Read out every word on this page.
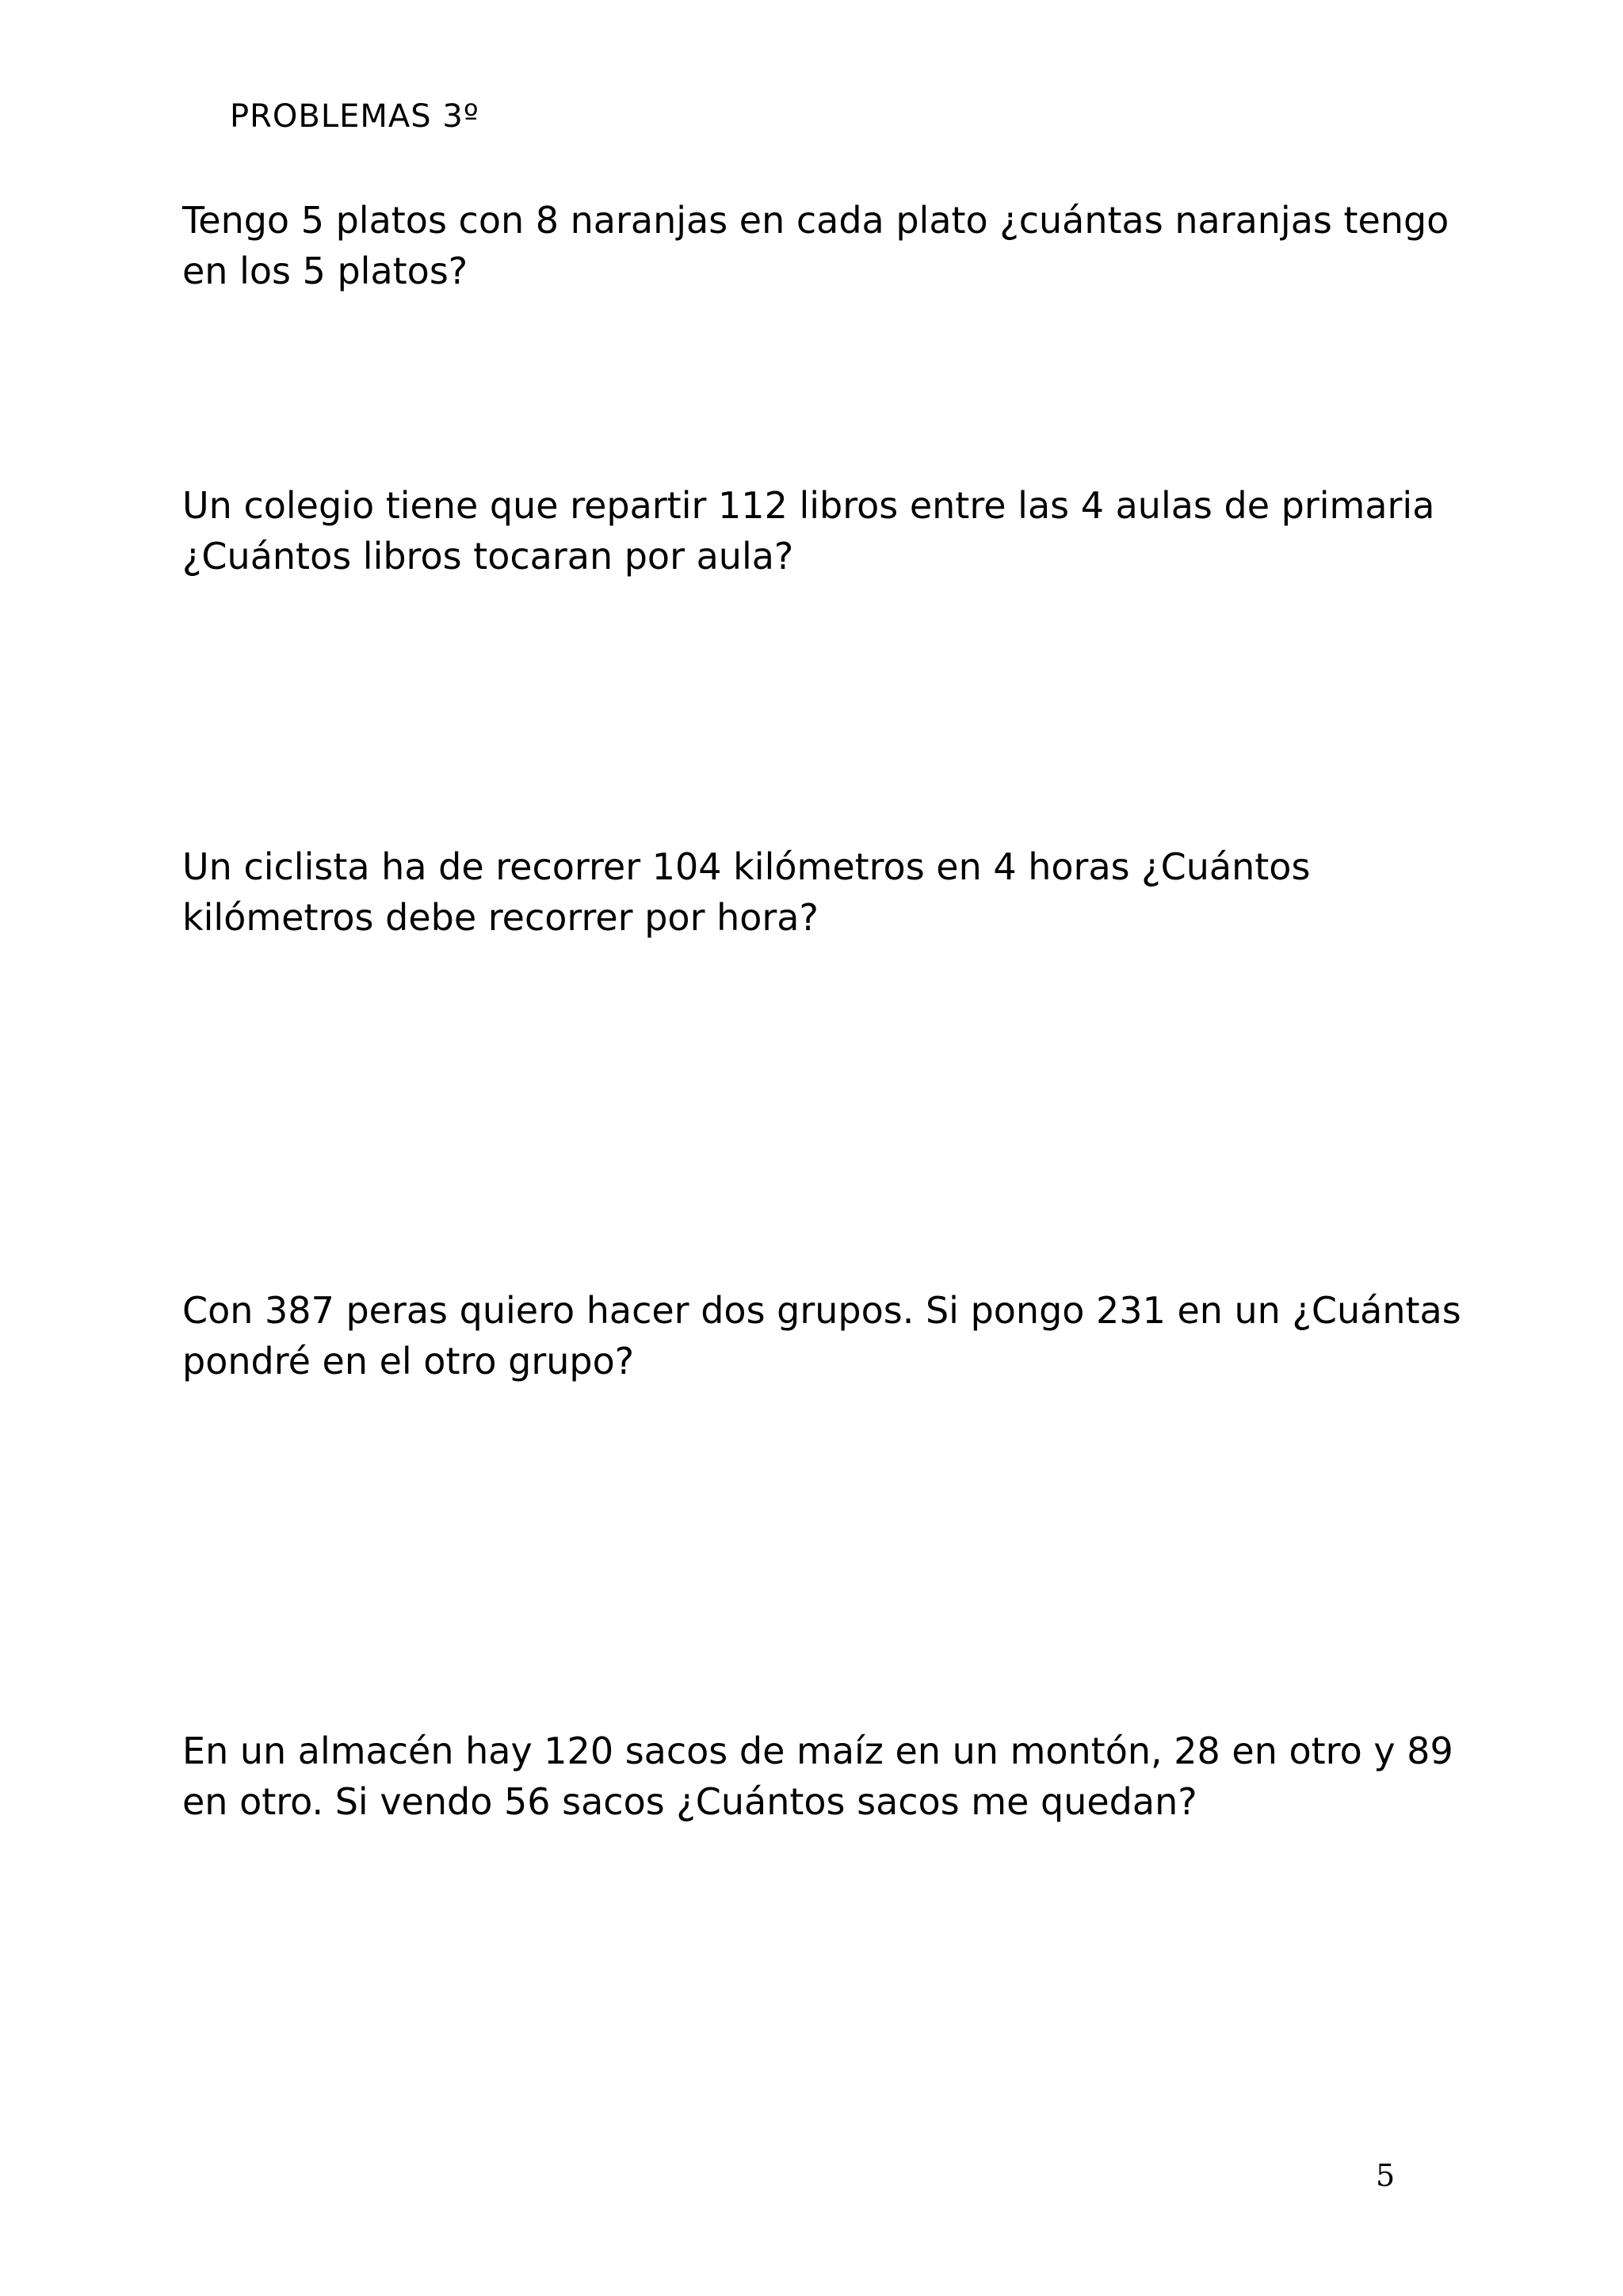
PROBLEMAS 3º

Tengo 5 platos con 8 naranjas en cada plato ¿cuántas naranjas tengo en los 5 platos?

Un colegio tiene que repartir 112 libros entre las 4 aulas de primaria ¿Cuántos libros tocaran por aula?

Un ciclista ha de recorrer 104 kilómetros en 4 horas ¿Cuántos kilómetros debe recorrer por hora?

Con 387 peras quiero hacer dos grupos. Si pongo 231 en un ¿Cuántas pondré en el otro grupo?

En un almacén hay 120 sacos de maíz en un montón, 28 en otro y 89 en otro. Si vendo 56 sacos ¿Cuántos sacos me quedan?

5
